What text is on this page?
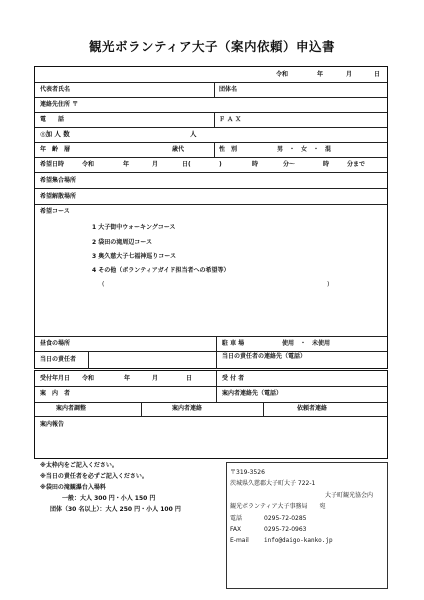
観光ボランティア大子（案内依頼）申込書
令和	年	月	日
代表者氏名	団体名
連絡先住所 〒
電　　話	Ｆ Ａ Ｘ
◎加 人 数	人
年　齢　層	歳代	性　別	男　・　女　・　混
希望日時	令和	年	月	日(	)	時	分～	時	分まで
希望集合場所
希望解散場所
希望コース
1 大子街中ウォーキングコース
2 袋田の滝周辺コース
3 奥久慈大子七福神巡りコース
4 その他（ボランティアガイド担当者への希望等）
(	)
昼食の場所	駐 車 場	使用　・　未使用
当日の責任者	当日の責任者の連絡先（電話）
受付年月日 令和	年	月	日	受 付 者
案　内　者	案内者連絡先（電話）
案内者調整	案内者連絡	依頼者連絡
案内報告
※太枠内をご記入ください。
※当日の責任者を必ずご記入ください。
※袋田の滝観瀑台入場料
一般：大人 300 円・小人 150 円
団体（30 名以上）：大人 250 円・小人 100 円
〒319-3526
茨城県久慈郡大子町大子 722-1
大子町観光協会内
観光ボランティア大子事務局　　宛
電話	0295-72-0285
FAX	0295-72-0963
E-mail	info@daigo-kanko.jp
